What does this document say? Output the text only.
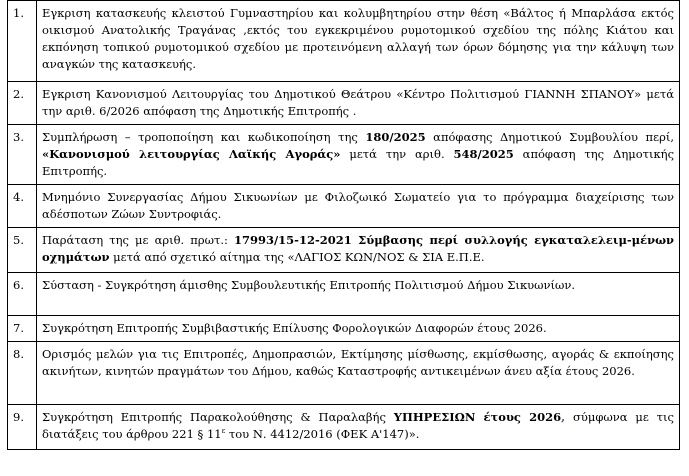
1.	Εγκριση κατασκευής κλειστού Γυμναστηρίου και κολυμβητηρίου στην θέση «Βάλτος ή Μπαρλάσα εκτός οικισμού Ανατολικής Τραγάνας ,εκτός του εγκεκριμένου ρυμοτομικού σχεδίου της πόλης Κιάτου και εκπόνηση τοπικού ρυμοτομικού σχεδίου με προτεινόμενη αλλαγή των όρων δόμησης για την κάλυψη των αναγκών της κατασκευής.
2.	Εγκριση Κανονισμού Λειτουργίας του Δημοτικού Θεάτρου «Κέντρο Πολιτισμού ΓΙΑΝΝΗ ΣΠΑΝΟΥ» μετά την αριθ. 6/2026 απόφαση της Δημοτικής Επιτροπής .
3.	Συμπλήρωση – τροποποίηση και κωδικοποίηση της 180/2025 απόφασης Δημοτικού Συμβουλίου περί, «Κανονισμού λειτουργίας Λαϊκής Αγοράς» μετά την αριθ. 548/2025 απόφαση της Δημοτικής Επιτροπής.
4.	Μνημόνιο Συνεργασίας Δήμου Σικυωνίων με Φιλοζωικό Σωματείο για το πρόγραμμα διαχείρισης των αδέσποτων Ζώων Συντροφιάς.
5.	Παράταση της με αριθ. πρωτ.: 17993/15-12-2021 Σύμβασης περί συλλογής εγκαταλελειμ-μένων οχημάτων μετά από σχετικό αίτημα της «ΛΑΓΙΟΣ ΚΩΝ/ΝΟΣ & ΣΙΑ Ε.Π.Ε.
6.	Σύσταση - Συγκρότηση άμισθης Συμβουλευτικής Επιτροπής Πολιτισμού Δήμου Σικυωνίων.
7.	Συγκρότηση Επιτροπής Συμβιβαστικής Επίλυσης Φορολογικών Διαφορών έτους 2026.
8.	Ορισμός μελών για τις Επιτροπές, Δημοπρασιών, Εκτίμησης μίσθωσης, εκμίσθωσης, αγοράς & εκποίησης ακινήτων, κινητών πραγμάτων του Δήμου, καθώς Καταστροφής αντικειμένων άνευ αξία έτους 2026.
9.	Συγκρότηση Επιτροπής Παρακολούθησης & Παραλαβής ΥΠΗΡΕΣΙΩΝ έτους 2026, σύμφωνα με τις διατάξεις του άρθρου 221 § $11^\varepsilon$ του Ν. 4412/2016 (ΦΕΚ Α'147)».
